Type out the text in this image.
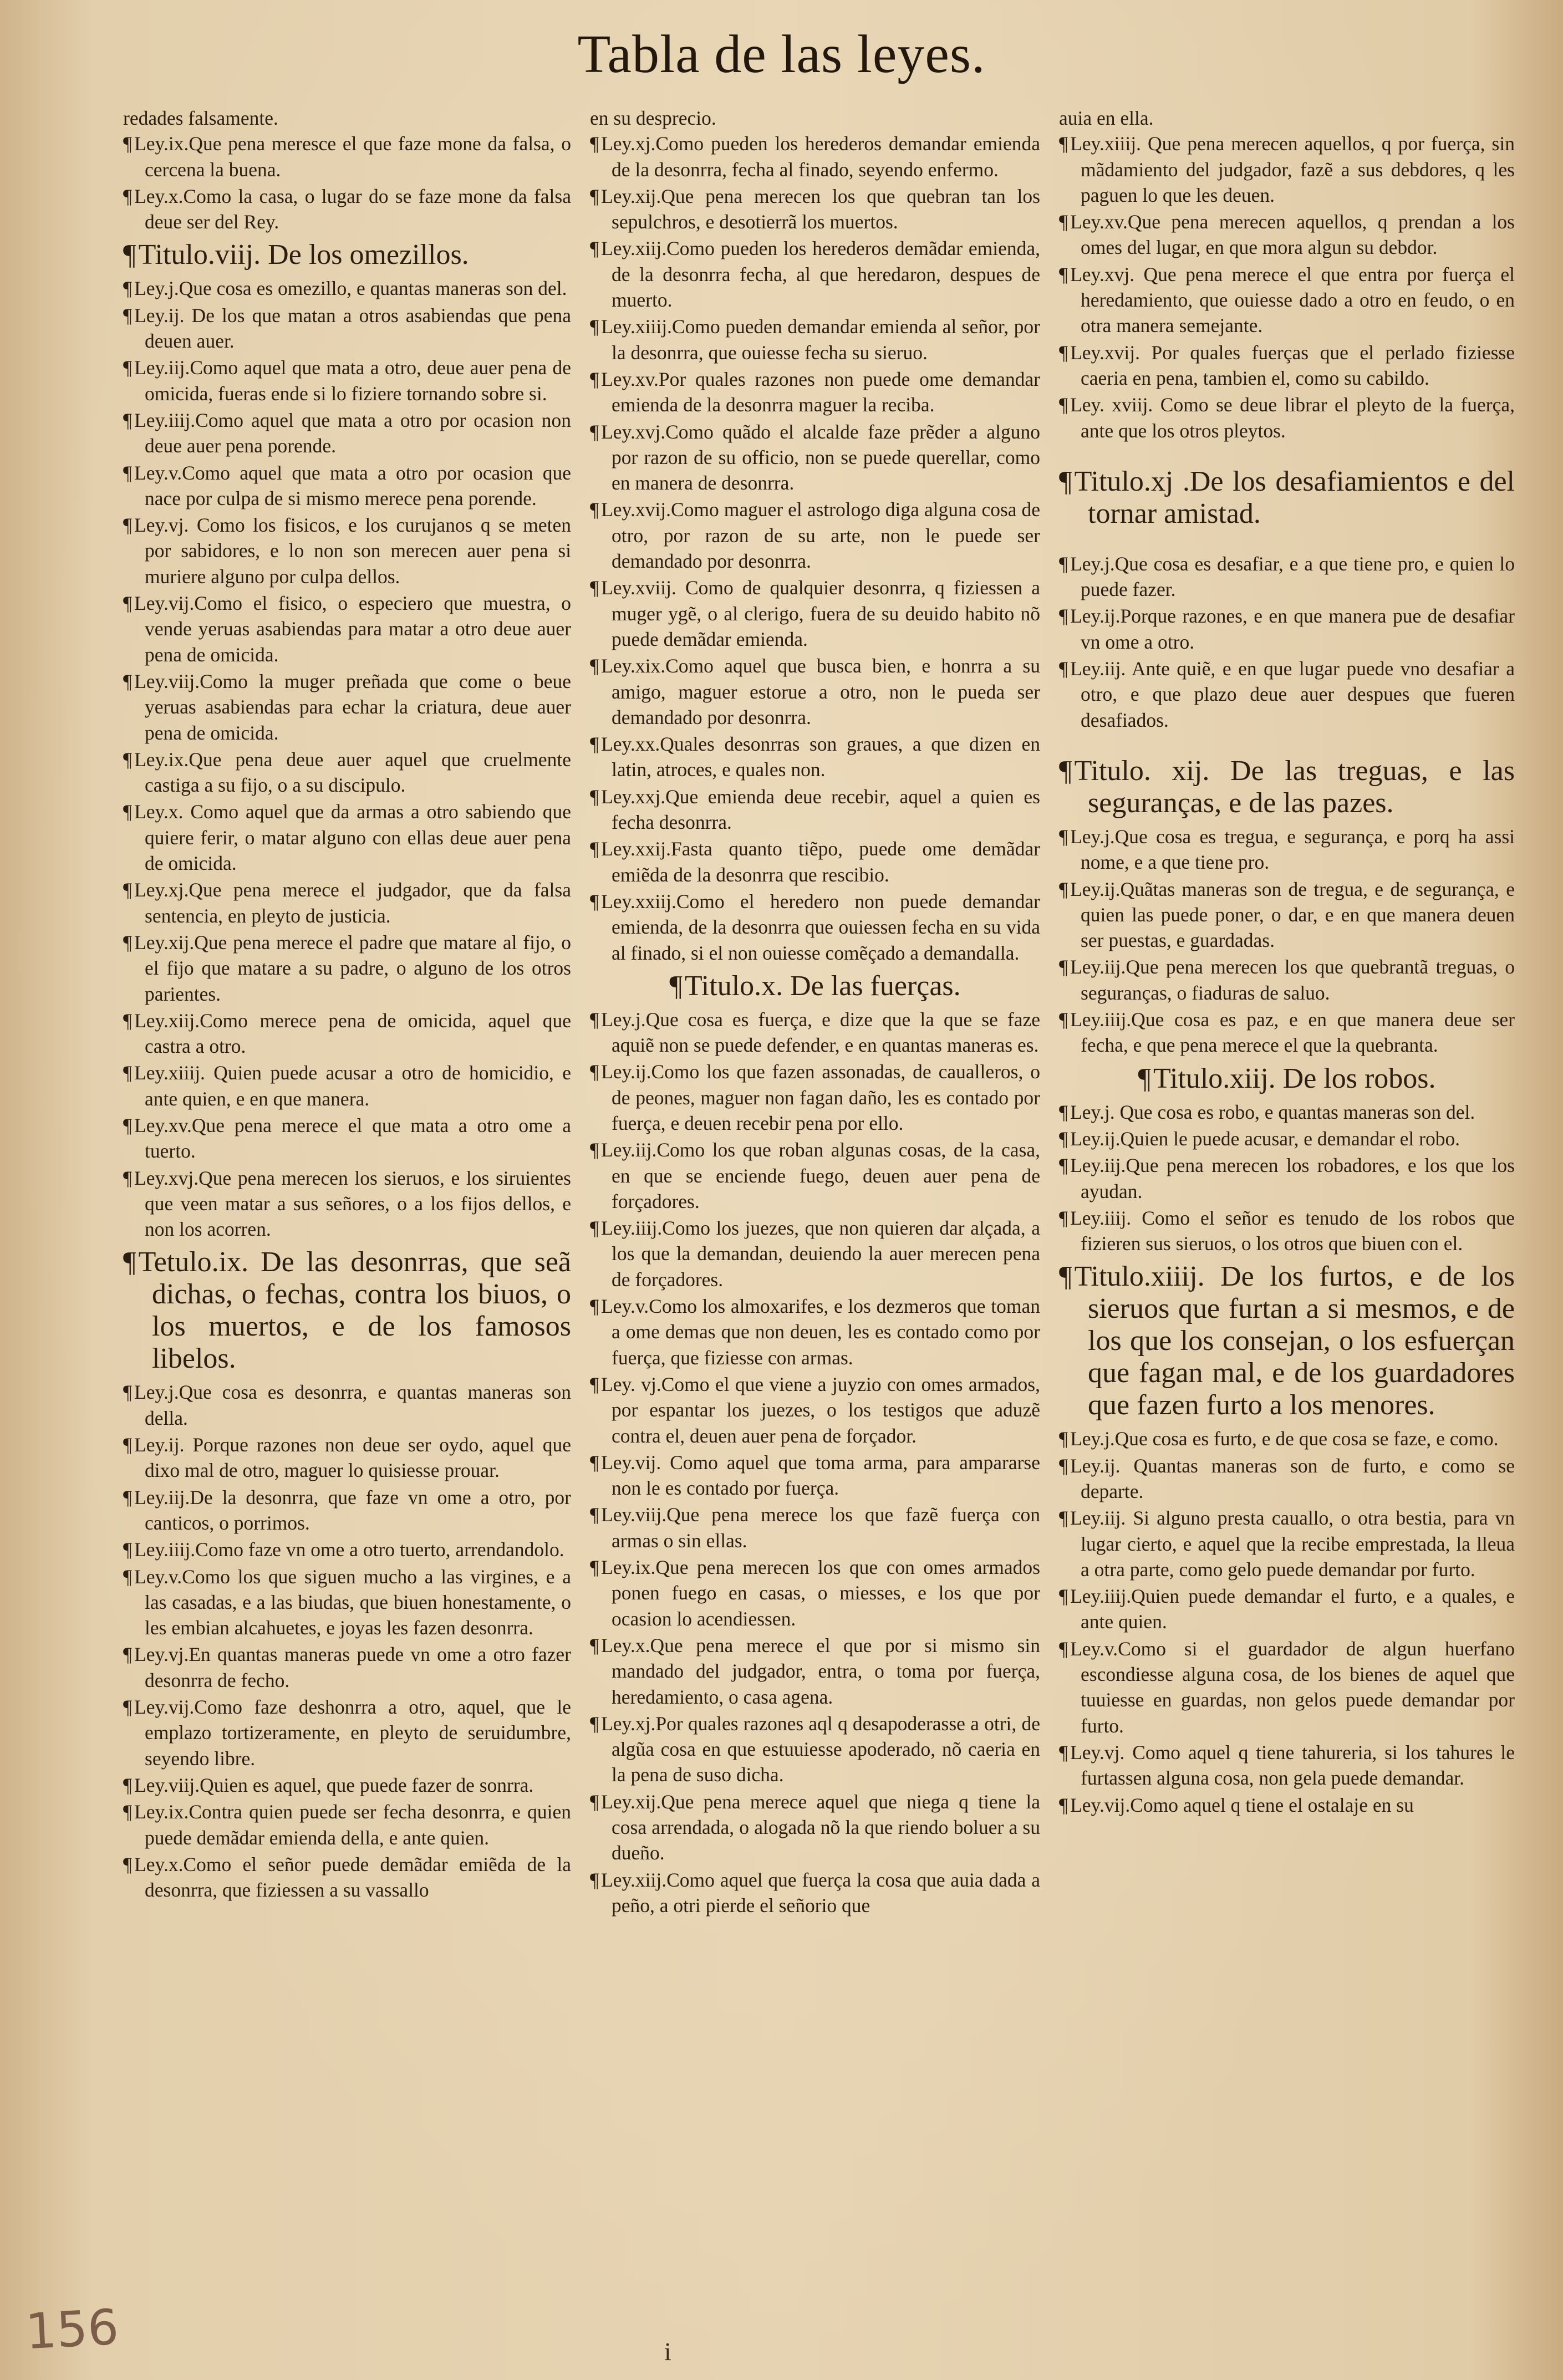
Tabla de las leyes.
redades falsamente.
¶ Ley.ix.Que pena meresce el que faze mone da falsa, o cercena la buena.
¶ Ley.x.Como la casa, o lugar do se faze mone da falsa deue ser del Rey.
¶Titulo.viij. De los omezillos.
¶ Ley.j.Que cosa es omezillo, e quantas maneras son del.
¶ Ley.ij. De los que matan a otros asabiendas que pena deuen auer.
¶ Ley.iij.Como aquel que mata a otro, deue auer pena de omicida, fueras ende si lo fiziere tornando sobre si.
¶ Ley.iiij.Como aquel que mata a otro por ocasion non deue auer pena porende.
¶ Ley.v.Como aquel que mata a otro por ocasion que nace por culpa de si mismo merece pena porende.
¶ Ley.vj. Como los fisicos, e los curujanos q se meten por sabidores, e lo non son merecen auer pena si muriere alguno por culpa dellos.
¶ Ley.vij.Como el fisico, o especiero que muestra, o vende yeruas asabiendas para matar a otro deue auer pena de omicida.
¶ Ley.viij.Como la muger preñada que come o beue yeruas asabiendas para echar la criatura, deue auer pena de omicida.
¶ Ley.ix.Que pena deue auer aquel que cruelmente castiga a su fijo, o a su discipulo.
¶ Ley.x. Como aquel que da armas a otro sabiendo que quiere ferir, o matar alguno con ellas deue auer pena de omicida.
¶ Ley.xj.Que pena merece el judgador, que da falsa sentencia, en pleyto de justicia.
¶ Ley.xij.Que pena merece el padre que matare al fijo, o el fijo que matare a su padre, o alguno de los otros parientes.
¶ Ley.xiij.Como merece pena de omicida, aquel que castra a otro.
¶ Ley.xiiij. Quien puede acusar a otro de homicidio, e ante quien, e en que manera.
¶ Ley.xv.Que pena merece el que mata a otro ome a tuerto.
¶ Ley.xvj.Que pena merecen los sieruos, e los siruientes que veen matar a sus señores, o a los fijos dellos, e non los acorren.
¶Tetulo.ix. De las desonrras, que seã dichas, o fechas, contra los biuos, o los muertos, e de los famosos libelos.
¶ Ley.j.Que cosa es desonrra, e quantas maneras son della.
¶ Ley.ij. Porque razones non deue ser oydo, aquel que dixo mal de otro, maguer lo quisiesse prouar.
¶ Ley.iij.De la desonrra, que faze vn ome a otro, por canticos, o porrimos.
¶ Ley.iiij.Como faze vn ome a otro tuerto, arrendandolo.
¶ Ley.v.Como los que siguen mucho a las virgines, e a las casadas, e a las biudas, que biuen honestamente, o les embian alcahuetes, e joyas les fazen desonrra.
¶ Ley.vj.En quantas maneras puede vn ome a otro fazer desonrra de fecho.
¶ Ley.vij.Como faze deshonrra a otro, aquel, que le emplazo tortizeramente, en pleyto de seruidumbre, seyendo libre.
¶ Ley.viij.Quien es aquel, que puede fazer de sonrra.
¶ Ley.ix.Contra quien puede ser fecha desonrra, e quien puede demãdar emienda della, e ante quien.
¶ Ley.x.Como el señor puede demãdar emiẽda de la desonrra, que fiziessen a su vassallo
en su desprecio.
¶ Ley.xj.Como pueden los herederos demandar emienda de la desonrra, fecha al finado, seyendo enfermo.
¶ Ley.xij.Que pena merecen los que quebran tan los sepulchros, e desotierrã los muertos.
¶ Ley.xiij.Como pueden los herederos demãdar emienda, de la desonrra fecha, al que heredaron, despues de muerto.
¶ Ley.xiiij.Como pueden demandar emienda al señor, por la desonrra, que ouiesse fecha su sieruo.
¶ Ley.xv.Por quales razones non puede ome demandar emienda de la desonrra maguer la reciba.
¶ Ley.xvj.Como quãdo el alcalde faze prẽder a alguno por razon de su officio, non se puede querellar, como en manera de desonrra.
¶ Ley.xvij.Como maguer el astrologo diga alguna cosa de otro, por razon de su arte, non le puede ser demandado por desonrra.
¶ Ley.xviij. Como de qualquier desonrra, q fiziessen a muger ygẽ, o al clerigo, fuera de su deuido habito nõ puede demãdar emienda.
¶ Ley.xix.Como aquel que busca bien, e honrra a su amigo, maguer estorue a otro, non le pueda ser demandado por desonrra.
¶ Ley.xx.Quales desonrras son graues, a que dizen en latin, atroces, e quales non.
¶ Ley.xxj.Que emienda deue recebir, aquel a quien es fecha desonrra.
¶ Ley.xxij.Fasta quanto tiẽpo, puede ome demãdar emiẽda de la desonrra que rescibio.
¶ Ley.xxiij.Como el heredero non puede demandar emienda, de la desonrra que ouiessen fecha en su vida al finado, si el non ouiesse comẽçado a demandalla.
¶Titulo.x. De las fuerças.
¶ Ley.j.Que cosa es fuerça, e dize que la que se faze aquiẽ non se puede defender, e en quantas maneras es.
¶ Ley.ij.Como los que fazen assonadas, de caualleros, o de peones, maguer non fagan daño, les es contado por fuerça, e deuen recebir pena por ello.
¶ Ley.iij.Como los que roban algunas cosas, de la casa, en que se enciende fuego, deuen auer pena de forçadores.
¶ Ley.iiij.Como los juezes, que non quieren dar alçada, a los que la demandan, deuiendo la auer merecen pena de forçadores.
¶ Ley.v.Como los almoxarifes, e los dezmeros que toman a ome demas que non deuen, les es contado como por fuerça, que fiziesse con armas.
¶ Ley. vj.Como el que viene a juyzio con omes armados, por espantar los juezes, o los testigos que aduzẽ contra el, deuen auer pena de forçador.
¶ Ley.vij. Como aquel que toma arma, para ampararse non le es contado por fuerça.
¶ Ley.viij.Que pena merece los que fazẽ fuerça con armas o sin ellas.
¶ Ley.ix.Que pena merecen los que con omes armados ponen fuego en casas, o miesses, e los que por ocasion lo acendiessen.
¶ Ley.x.Que pena merece el que por si mismo sin mandado del judgador, entra, o toma por fuerça, heredamiento, o casa agena.
¶ Ley.xj.Por quales razones aql q desapoderasse a otri, de algũa cosa en que estuuiesse apoderado, nõ caeria en la pena de suso dicha.
¶ Ley.xij.Que pena merece aquel que niega q tiene la cosa arrendada, o alogada nõ la que riendo boluer a su dueño.
¶ Ley.xiij.Como aquel que fuerça la cosa que auia dada a peño, a otri pierde el señorio que
auia en ella.
¶ Ley.xiiij. Que pena merecen aquellos, q por fuerça, sin mãdamiento del judgador, fazẽ a sus debdores, q les paguen lo que les deuen.
¶ Ley.xv.Que pena merecen aquellos, q prendan a los omes del lugar, en que mora algun su debdor.
¶ Ley.xvj. Que pena merece el que entra por fuerça el heredamiento, que ouiesse dado a otro en feudo, o en otra manera semejante.
¶ Ley.xvij. Por quales fuerças que el perlado fiziesse caeria en pena, tambien el, como su cabildo.
¶ Ley. xviij. Como se deue librar el pleyto de la fuerça, ante que los otros pleytos.
¶Titulo.xj .De los desafiamientos e del tornar amistad.
¶ Ley.j.Que cosa es desafiar, e a que tiene pro, e quien lo puede fazer.
¶ Ley.ij.Porque razones, e en que manera pue de desafiar vn ome a otro.
¶ Ley.iij. Ante quiẽ, e en que lugar puede vno desafiar a otro, e que plazo deue auer despues que fueren desafiados.
¶Titulo. xij. De las treguas, e las seguranças, e de las pazes.
¶ Ley.j.Que cosa es tregua, e segurança, e porq ha assi nome, e a que tiene pro.
¶ Ley.ij.Quãtas maneras son de tregua, e de segurança, e quien las puede poner, o dar, e en que manera deuen ser puestas, e guardadas.
¶ Ley.iij.Que pena merecen los que quebrantã treguas, o seguranças, o fiaduras de saluo.
¶ Ley.iiij.Que cosa es paz, e en que manera deue ser fecha, e que pena merece el que la quebranta.
¶Titulo.xiij. De los robos.
¶ Ley.j. Que cosa es robo, e quantas maneras son del.
¶ Ley.ij.Quien le puede acusar, e demandar el robo.
¶ Ley.iij.Que pena merecen los robadores, e los que los ayudan.
¶ Ley.iiij. Como el señor es tenudo de los robos que fizieren sus sieruos, o los otros que biuen con el.
¶Titulo.xiiij. De los furtos, e de los sieruos que furtan a si mesmos, e de los que los consejan, o los esfuerçan que fagan mal, e de los guardadores que fazen furto a los menores.
¶ Ley.j.Que cosa es furto, e de que cosa se faze, e como.
¶ Ley.ij. Quantas maneras son de furto, e como se departe.
¶ Ley.iij. Si alguno presta cauallo, o otra bestia, para vn lugar cierto, e aquel que la recibe emprestada, la lleua a otra parte, como gelo puede demandar por furto.
¶ Ley.iiij.Quien puede demandar el furto, e a quales, e ante quien.
¶ Ley.v.Como si el guardador de algun huerfano escondiesse alguna cosa, de los bienes de aquel que tuuiesse en guardas, non gelos puede demandar por furto.
¶ Ley.vj. Como aquel q tiene tahureria, si los tahures le furtassen alguna cosa, non gela puede demandar.
¶ Ley.vij.Como aquel q tiene el ostalaje en su
156	i
